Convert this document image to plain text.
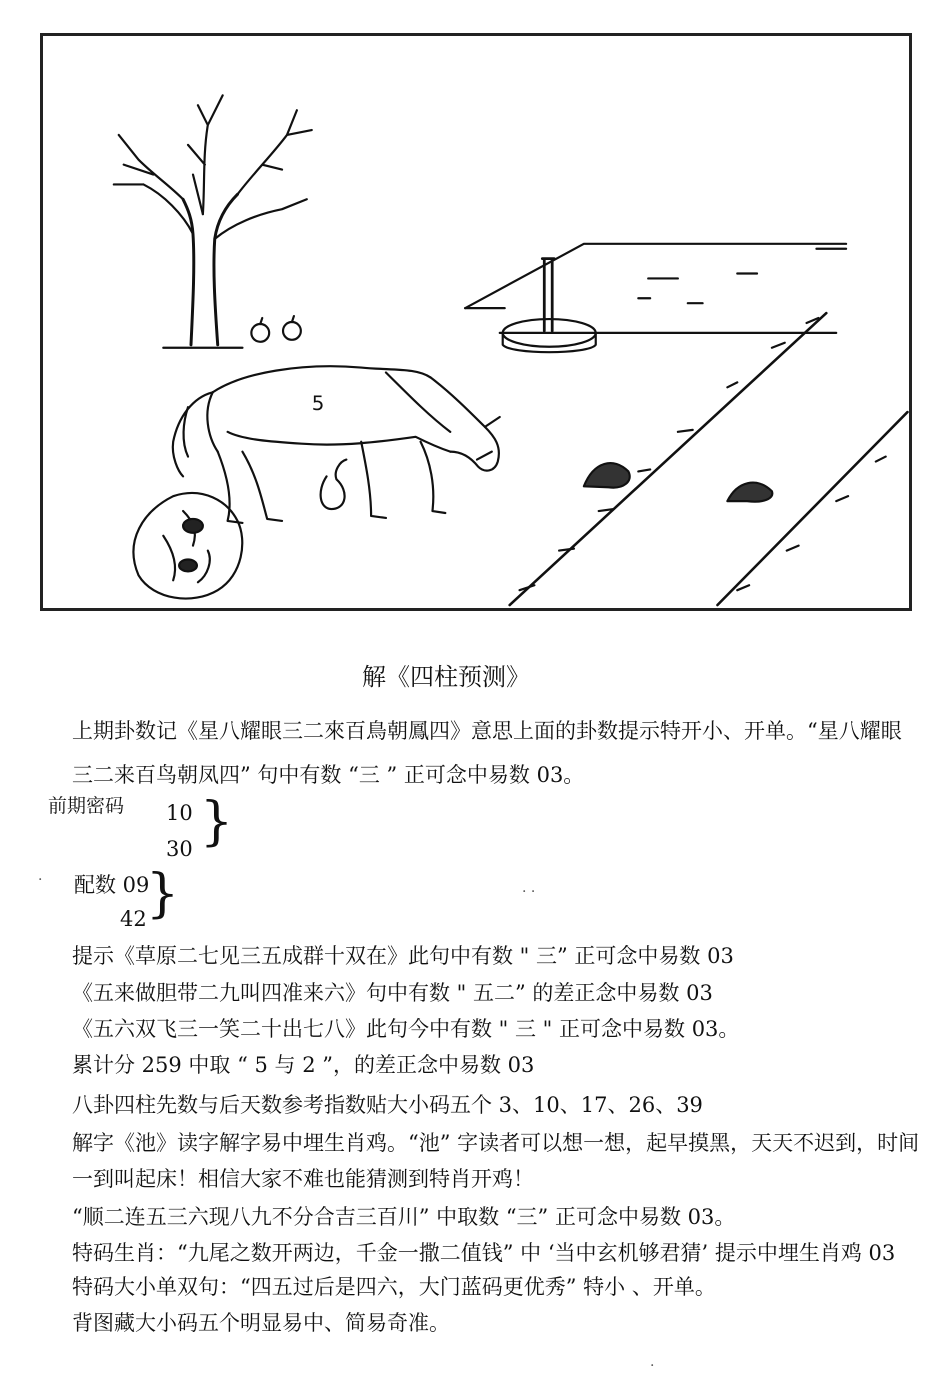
5
解《四柱预测》
上期卦数记《星八耀眼三二來百鳥朝鳳四》意思上面的卦数提示特开小、开单。“星八耀眼
三二来百鸟朝凤四” 句中有数 “三 ” 正可念中易数 03。
前期密码 10
30 }
· 配数 09
42 }	· ·
提示《草原二七见三五成群十双在》此句中有数 " 三” 正可念中易数 03
《五来做胆带二九叫四准来六》句中有数 " 五二” 的差正念中易数 03
《五六双飞三一笑二十出七八》此句今中有数 " 三 " 正可念中易数 03。
累计分 259 中取 “ 5 与 2 ”，的差正念中易数 03
八卦四柱先数与后天数参考指数贴大小码五个 3、10、17、26、39
解字《池》读字解字易中埋生肖鸡。“池” 字读者可以想一想，起早摸黑，天天不迟到，时间
一到叫起床！相信大家不难也能猜测到特肖开鸡！
“顺二连五三六现八九不分合吉三百川” 中取数 “三” 正可念中易数 03。
特码生肖：“九尾之数开两边，千金一撒二值钱” 中 ‘当中玄机够君猜’ 提示中埋生肖鸡 03
特码大小单双句：“四五过后是四六，大门蓝码更优秀” 特小 、开单。
背图藏大小码五个明显易中、简易奇准。
·
